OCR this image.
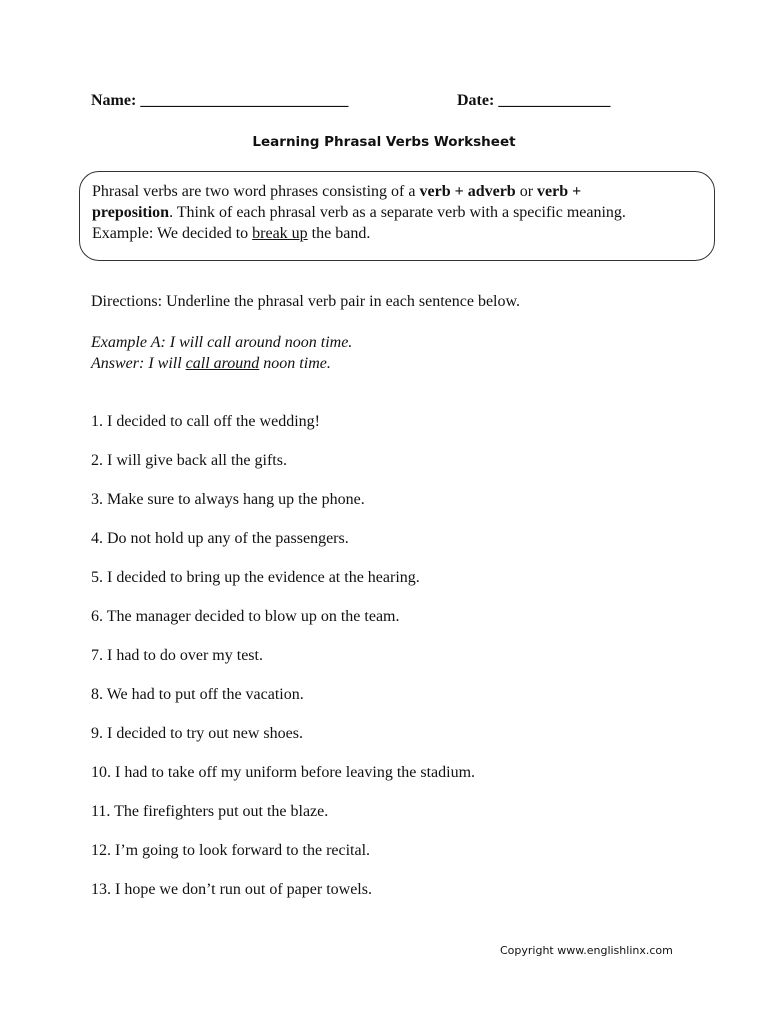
Name: __________________________	Date: ______________
Learning Phrasal Verbs Worksheet
Phrasal verbs are two word phrases consisting of a verb + adverb or verb +
preposition. Think of each phrasal verb as a separate verb with a specific meaning.
Example: We decided to break up the band.
Directions: Underline the phrasal verb pair in each sentence below.
Example A: I will call around noon time.
Answer: I will call around noon time.
1. I decided to call off the wedding!
2. I will give back all the gifts.
3. Make sure to always hang up the phone.
4. Do not hold up any of the passengers.
5. I decided to bring up the evidence at the hearing.
6. The manager decided to blow up on the team.
7. I had to do over my test.
8. We had to put off the vacation.
9. I decided to try out new shoes.
10. I had to take off my uniform before leaving the stadium.
11. The firefighters put out the blaze.
12. I’m going to look forward to the recital.
13. I hope we don’t run out of paper towels.
Copyright www.englishlinx.com
